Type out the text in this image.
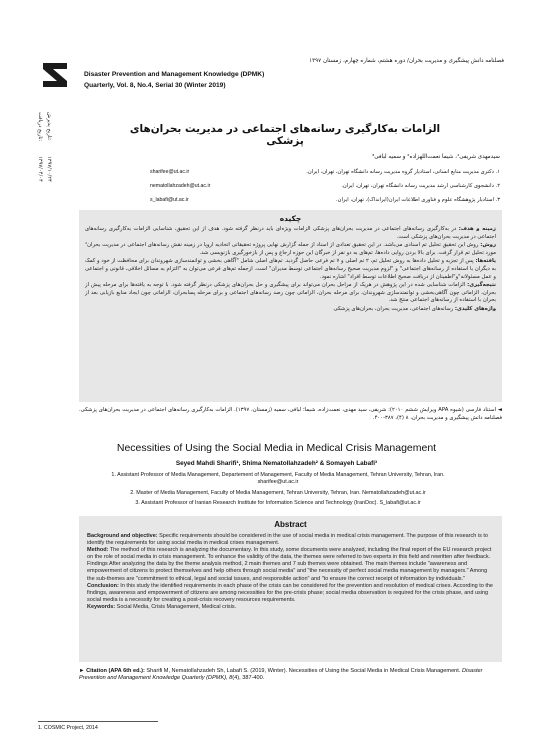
فصلنامه دانش پیشگیری و مدیریت بحران/ دوره هشتم، شماره چهارم، زمستان ۱۳۹۷
Disaster Prevention and Management Knowledge (DPMK)
Quarterly, Vol. 8, No.4, Serial 30 (Winter 2019)
تاریخ دریافت:
۱۳۹۷/۰۴/۰۴
تاریخ پذیرش:
۱۳۹۷/۱۰/۲۴
الزامات به‌کارگیری رسانه‌های اجتماعی در مدیریت بحران‌های پزشکی
سیدمهدی شریفی¹، شیما نعمت‌اللهزاده² و سمیه لبافی³
۱. دکتری مدیریت منابع انسانی، استادیار گروه مدیریت رسانه دانشگاه تهران، تهران، ایران.
sharifee@ut.ac.ir
۲. دانشجوی کارشناسی ارشد مدیریت رسانه دانشگاه تهران، تهران، ایران.
nematollahzadeh@ut.ac.ir
۳. استادیار پژوهشگاه علوم و فناوری اطلاعات ایران(ایرانداک)، تهران، ایران.
s_labafi@ut.ac.ir
چکیده

زمینه و هدف: در به‌کارگیری رسانه‌های اجتماعی در مدیریت بحران‌های پزشکی الزامات ویژه‌ای باید درنظر گرفته شود. هدف از این تحقیق، شناسایی الزامات به‌کارگیری رسانه‌های اجتماعی در مدیریت بحران‌های پزشکی است.

روش: روش این تحقیق تحلیل تم اسنادی می‌باشد. در این تحقیق تعدادی از اسناد از جمله گزارش نهایی پروژه تحقیقاتی اتحادیه اروپا در زمینه نقش رسانه‌های اجتماعی در مدیریت بحران¹ مورد تحلیل تم قرار گرفت. برای بالا بردن روایی داده‌ها، تم‌های به دو نفر از خبرگان این حوزه ارجاع و پس از بازخورگیری بازنویسی شد.

یافته‌ها: پس از تجزیه و تحلیل داده‌ها به روش تحلیل تم، ۲ تم اصلی و ۷ تم فرعی حاصل گردید. تم‌های اصلی شامل "آگاهی بخشی و توانمندسازی شهروندان برای محافظت از خود و کمک به دیگران با استفاده از رسانه‌های اجتماعی" و "لزوم مدیریت صحیح رسانه‌های اجتماعی توسط مدیران" است. ازجمله تم‌های فرعی می‌توان به "التزام به مسائل اخلاقی، قانونی و اجتماعی و عمل مسئولانه"و"اطمینان از دریافت صحیح اطلاعات توسط افراد" اشاره نمود.

نتیجه‌گیری: الزامات شناسایی شده در این پژوهش در هریک از مراحل بحران می‌تواند برای پیشگیری و حل بحران‌های پزشکی درنظر گرفته شود. با توجه به یافته‌ها برای مرحله پیش از بحران، الزاماتی چون آگاهی‌بخشی و توانمندسازی شهروندان، برای مرحله بحران، الزاماتی چون رصد رسانه‌های اجتماعی و برای مرحله پسابحران، الزاماتی چون ایجاد منابع بازیابی بعد از بحران با استفاده از رسانه‌های اجتماعی منتج شد.

واژه‌های کلیدی: رسانه‌های اجتماعی، مدیریت بحران، بحران‌های پزشکی

◄ استناد فارسی (شیوه APA ویرایش ششم ۲۰۱۰): شریفی، سید مهدی، نعمت‌زاده، شیما؛ لبافی، سمیه (زمستان، ۱۳۹۷). الزامات به‌کارگیری رسانه‌های اجتماعی در مدیریت بحران‌های پزشکی. فصلنامه دانش پیشگیری و مدیریت بحران، ۸ (۴)، ۳۸۷-۴۰۰.
Necessities of Using the Social Media in Medical Crisis Management
Seyed Mahdi Sharifi¹, Shima Nematollahzadeh² & Somayeh Labafi³
1. Assistant Professor of Media Management, Departement of Management, Faculty of Media Management, Tehran University, Tehran, Iran.
sharifee@ut.ac.ir
2. Master of Media Management, Faculty of Media Management, Tehran University, Tehran, Iran. Nematollahzadeh@ut.ac.ir
3. Assistant Professor of Iranian Research Institute for Information Science and Technology (IranDoc). S_labafi@ut.ac.ir
Abstract

Background and objective: Specific requirements should be considered in the use of social media in medical crisis management. The purpose of this research is to identify the requirements for using social media in medical crises management.

Method: The method of this research is analyzing the documentary. In this study, some documents were analyzed, including the final report of the EU research project on the role of social media in crisis management. To enhance the validity of the data, the themes were referred to two experts in this field and rewritten after feedback.

Findings After analyzing the data by the theme analysis method, 2 main themes and 7 sub themes were obtained. The main themes include "awareness and empowerment of citizens to protect themselves and help others through social media" and "the necessity of perfect social media management by managers." Among the sub-themes are "commitment to ethical, legal and social issues, and responsible action" and "to ensure the correct receipt of information by individuals."

Conclusion: In this study the identified requirements in each phase of the crisis can be considered for the prevention and resolution of medical crises. According to the findings, awareness and empowerment of citizens are among necessities for the pre-crisis phase; social media observation is required for the crisis phase, and using social media is a necessity for creating a post-crisis recovery resources requirements.

Keywords: Social Media, Crisis Management, Medical crisis.

► Citation (APA 6th ed.): Sharifi M, Nematollahzadeh Sh, Labafi S. (2019, Winter). Necessities of Using the Social Media in Medical Crisis Management. Disaster Prevention and Management Knowledge Quarterly (DPMK), 8(4), 387-400.
1. COSMIC Project, 2014
